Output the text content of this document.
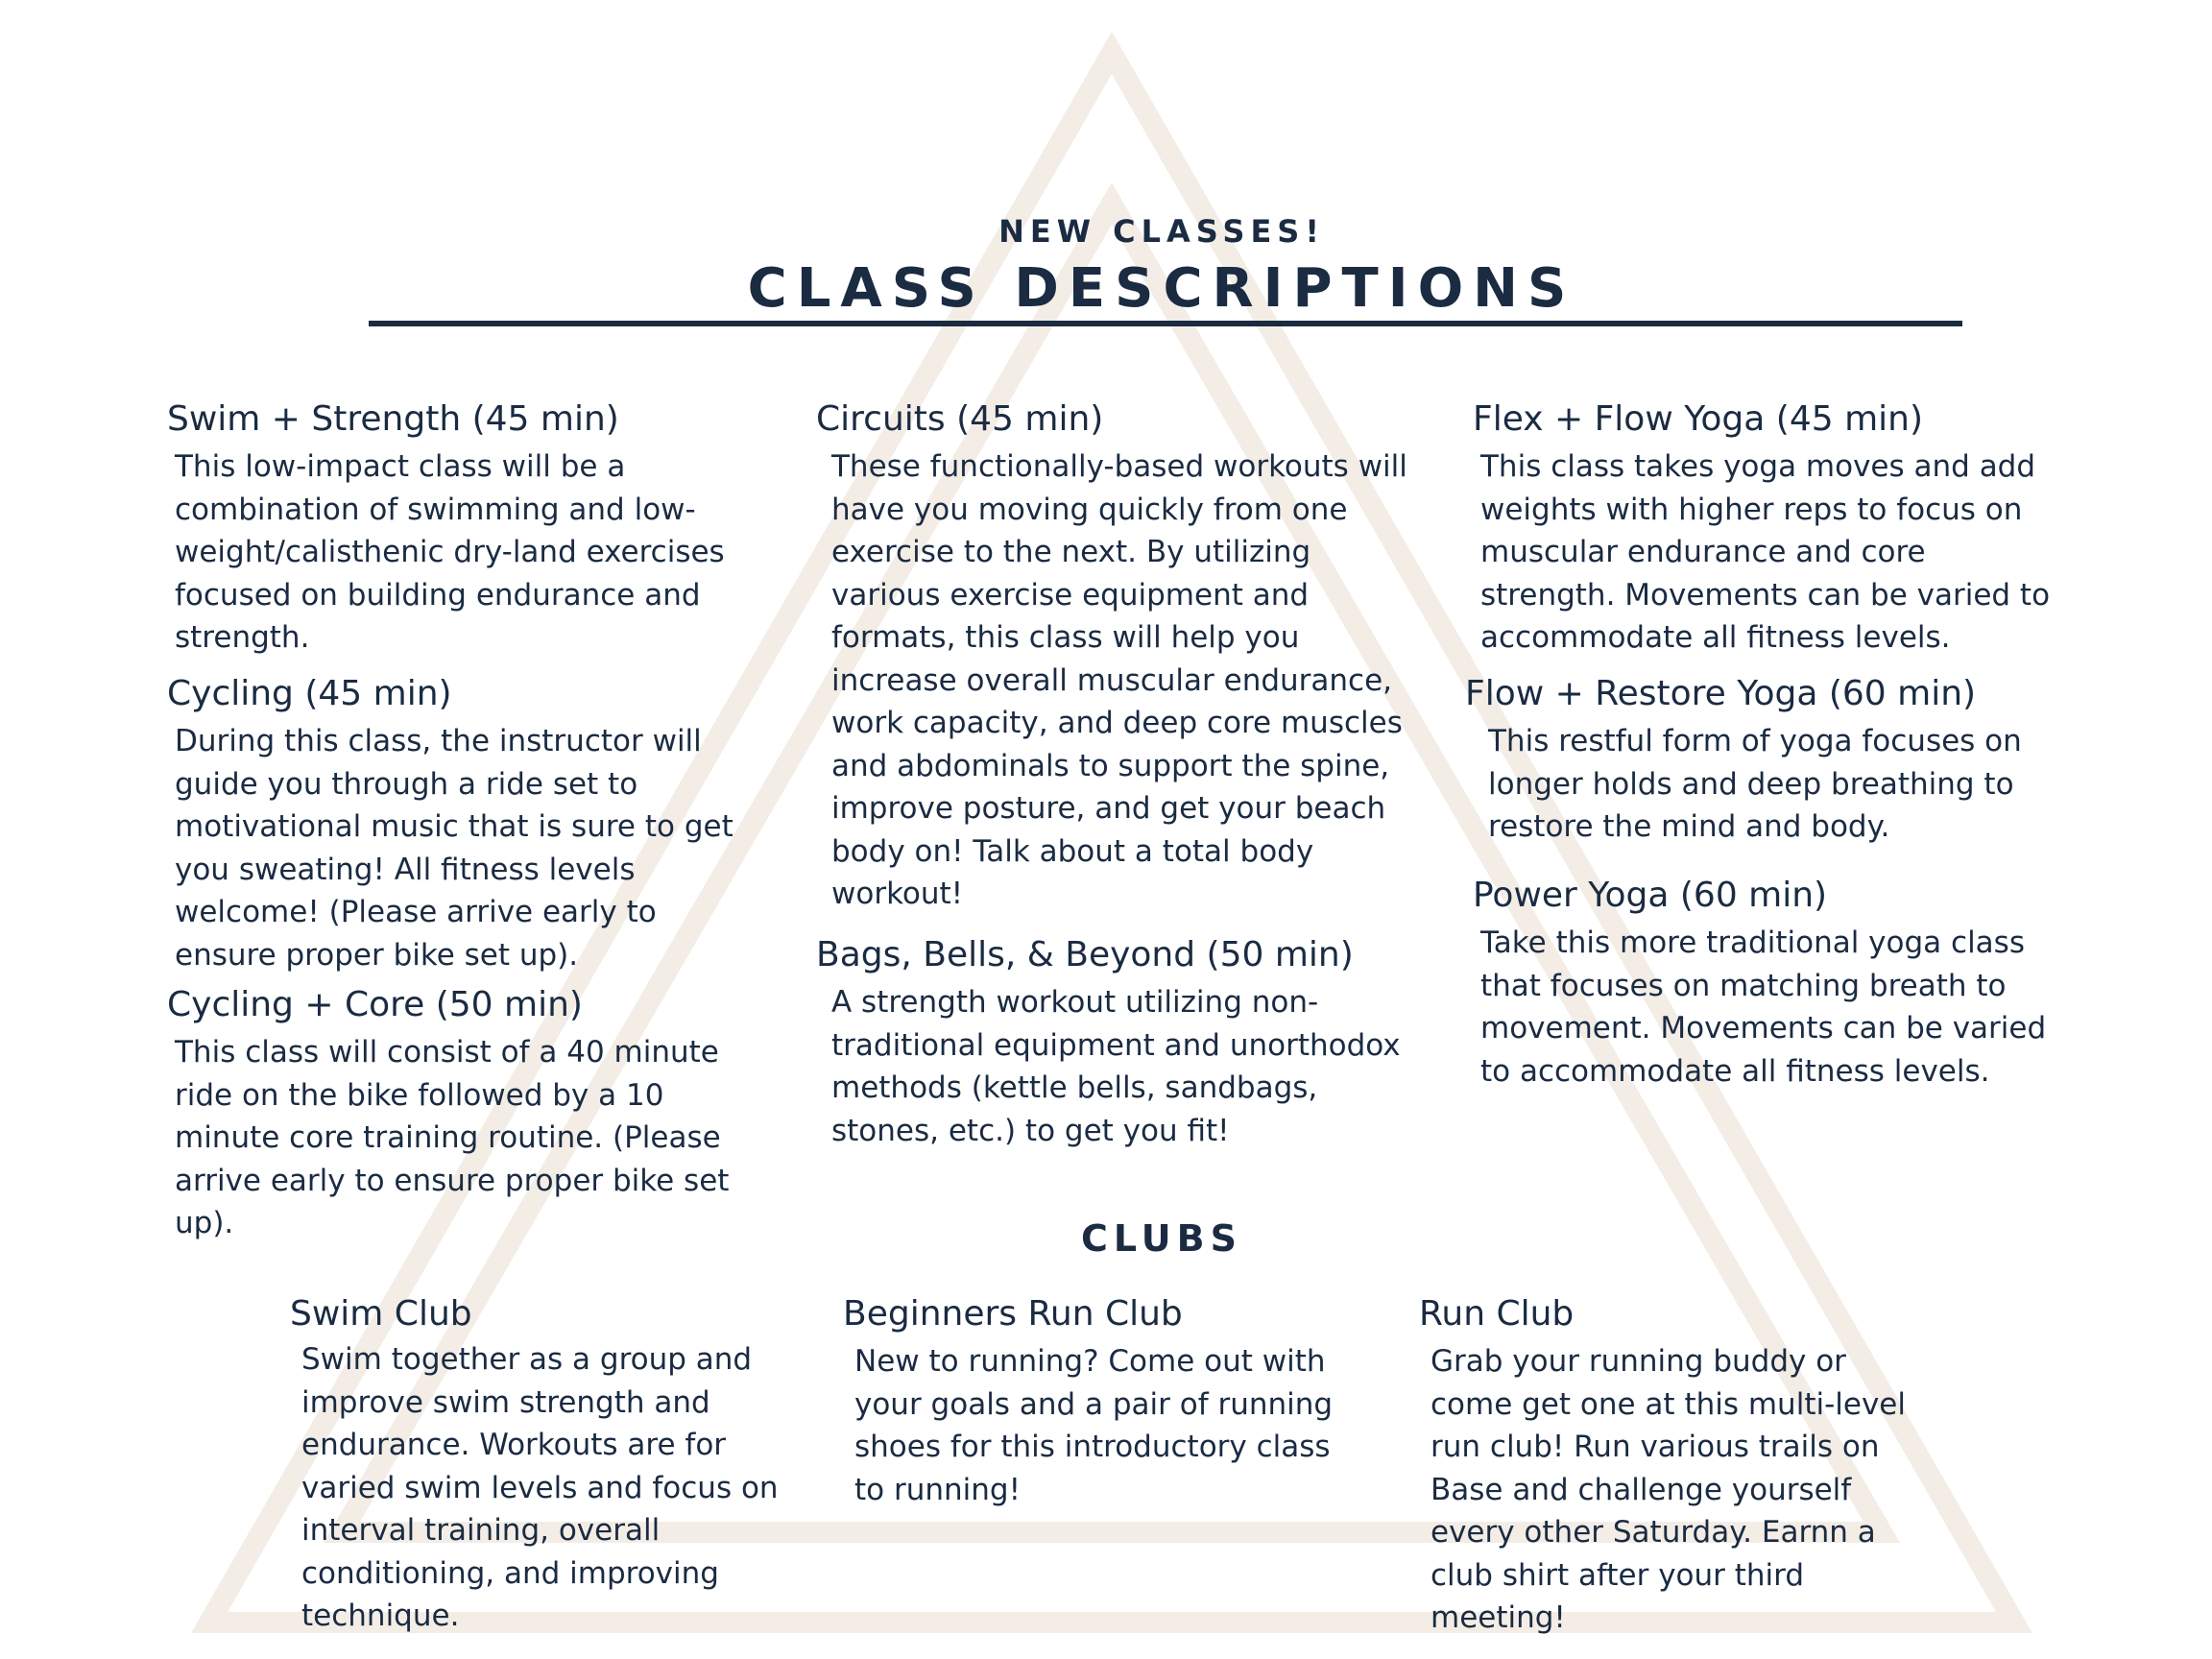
NEW CLASSES!
CLASS DESCRIPTIONS
Swim + Strength (45 min)

This low-impact class will be a combination of swimming and low-weight/calisthenic dry-land exercises focused on building endurance and strength.

Cycling (45 min)

During this class, the instructor will guide you through a ride set to motivational music that is sure to get you sweating! All fitness levels welcome! (Please arrive early to ensure proper bike set up).

Cycling + Core (50 min)

This class will consist of a 40 minute ride on the bike followed by a 10 minute core training routine. (Please arrive early to ensure proper bike set up).

Circuits (45 min)

These functionally-based workouts will have you moving quickly from one exercise to the next. By utilizing various exercise equipment and formats, this class will help you increase overall muscular endurance, work capacity, and deep core muscles and abdominals to support the spine, improve posture, and get your beach body on! Talk about a total body workout!

Bags, Bells, & Beyond (50 min)

A strength workout utilizing non-traditional equipment and unorthodox methods (kettle bells, sandbags, stones, etc.) to get you fit!

Flex + Flow Yoga (45 min)

This class takes yoga moves and add weights with higher reps to focus on muscular endurance and core strength. Movements can be varied to accommodate all fitness levels.

Flow + Restore Yoga (60 min)

This restful form of yoga focuses on longer holds and deep breathing to restore the mind and body.

Power Yoga (60 min)

Take this more traditional yoga class that focuses on matching breath to movement. Movements can be varied to accommodate all fitness levels.

CLUBS
Swim Club

Swim together as a group and improve swim strength and endurance. Workouts are for varied swim levels and focus on interval training, overall conditioning, and improving technique.

Beginners Run Club

New to running? Come out with your goals and a pair of running shoes for this introductory class to running!

Run Club

Grab your running buddy or come get one at this multi-level run club! Run various trails on Base and challenge yourself every other Saturday. Earnn a club shirt after your third meeting!
